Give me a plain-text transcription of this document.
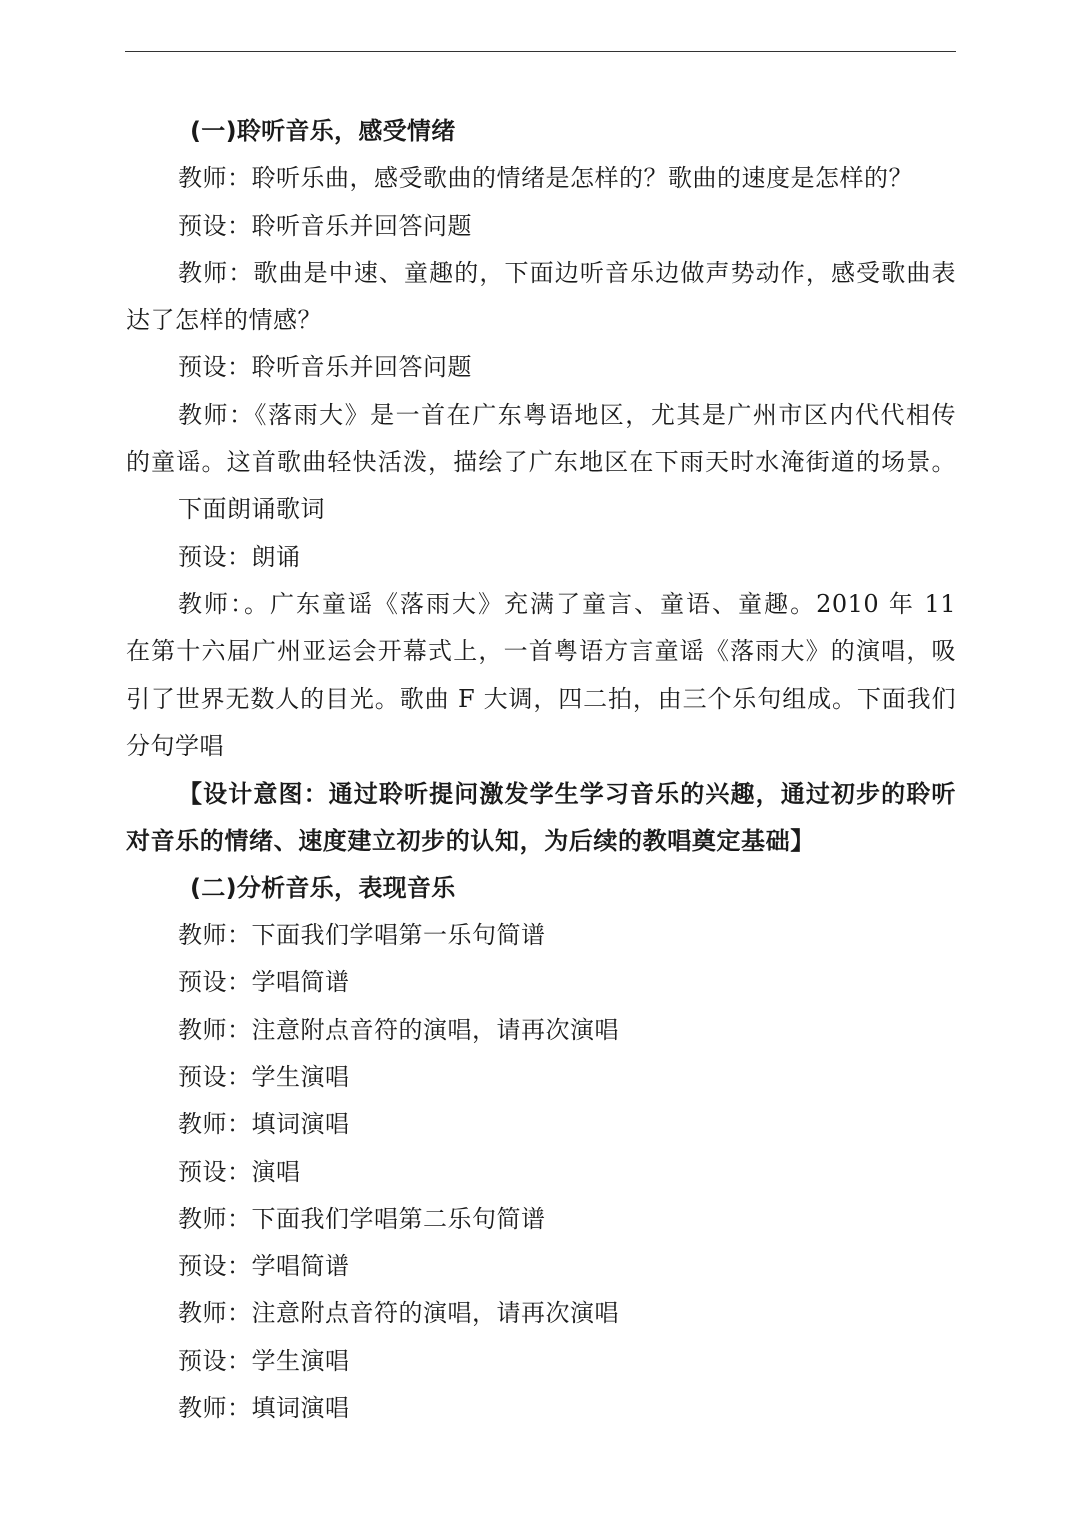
(一)聆听音乐，感受情绪
教师：聆听乐曲，感受歌曲的情绪是怎样的？歌曲的速度是怎样的？
预设：聆听音乐并回答问题
教师：歌曲是中速、童趣的，下面边听音乐边做声势动作，感受歌曲表
达了怎样的情感？
预设：聆听音乐并回答问题
教师：《落雨大》是一首在广东粤语地区，尤其是广州市区内代代相传
的童谣。这首歌曲轻快活泼，描绘了广东地区在下雨天时水淹街道的场景。
下面朗诵歌词
预设：朗诵
教师：。广东童谣《落雨大》充满了童言、童语、童趣。2010 年 11
在第十六届广州亚运会开幕式上，一首粤语方言童谣《落雨大》的演唱，吸
引了世界无数人的目光。歌曲 F 大调，四二拍，由三个乐句组成。下面我们
分句学唱
【设计意图：通过聆听提问激发学生学习音乐的兴趣，通过初步的聆听
对音乐的情绪、速度建立初步的认知，为后续的教唱奠定基础】
(二)分析音乐，表现音乐
教师：下面我们学唱第一乐句简谱
预设：学唱简谱
教师：注意附点音符的演唱，请再次演唱
预设：学生演唱
教师：填词演唱
预设：演唱
教师：下面我们学唱第二乐句简谱
预设：学唱简谱
教师：注意附点音符的演唱，请再次演唱
预设：学生演唱
教师：填词演唱
